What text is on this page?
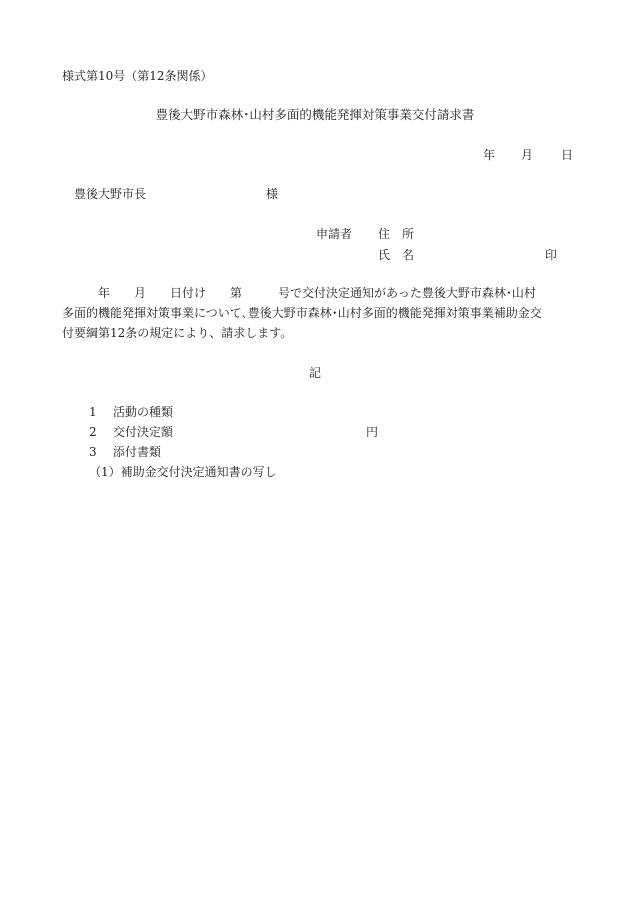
様式第10号（第12条関係）
豊後大野市森林･山村多面的機能発揮対策事業交付請求書
年 月 日
豊後大野市長	様
申請者 住　所
氏　名	印
　　　年　　月　　日付け　　第　　　号で交付決定通知があった豊後大野市森林･山村
多面的機能発揮対策事業について､豊後大野市森林･山村多面的機能発揮対策事業補助金交
付要綱第12条の規定により、請求します。
記
1 活動の種類
2 交付決定額	円
3 添付書類
（1）補助金交付決定通知書の写し
